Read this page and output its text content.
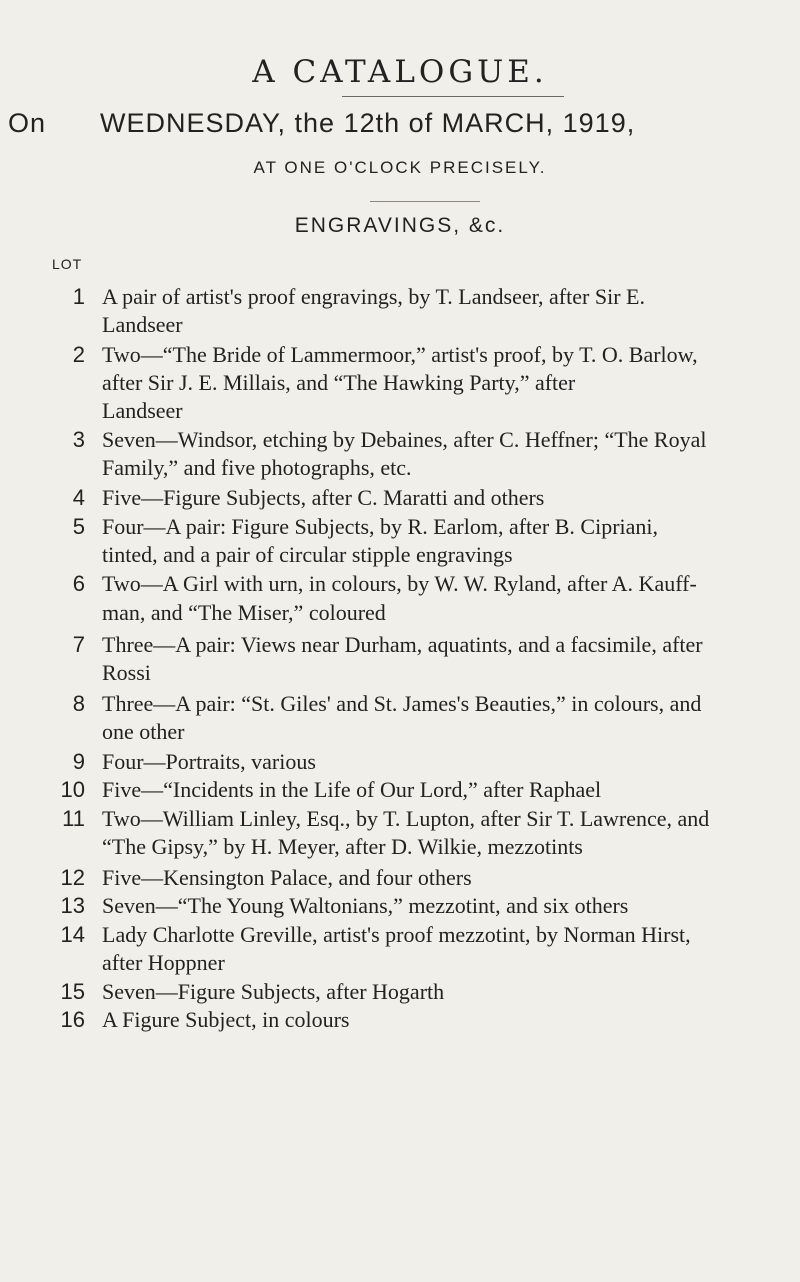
A CATALOGUE.
On WEDNESDAY, the 12th of MARCH, 1919,
AT ONE O'CLOCK PRECISELY.
ENGRAVINGS, &c.
LOT
1 A pair of artist's proof engravings, by T. Landseer, after Sir E.
Landseer
2 Two—“The Bride of Lammermoor,” artist's proof, by T. O. Barlow,
after Sir J. E. Millais, and “The Hawking Party,” after
Landseer
3 Seven—Windsor, etching by Debaines, after C. Heffner; “The Royal
Family,” and five photographs, etc.
4 Five—Figure Subjects, after C. Maratti and others
5 Four—A pair: Figure Subjects, by R. Earlom, after B. Cipriani,
tinted, and a pair of circular stipple engravings
6 Two—A Girl with urn, in colours, by W. W. Ryland, after A. Kauff-
man, and “The Miser,” coloured
7 Three—A pair: Views near Durham, aquatints, and a facsimile, after
Rossi
8 Three—A pair: “St. Giles' and St. James's Beauties,” in colours, and
one other
9 Four—Portraits, various
10 Five—“Incidents in the Life of Our Lord,” after Raphael
11 Two—William Linley, Esq., by T. Lupton, after Sir T. Lawrence, and
“The Gipsy,” by H. Meyer, after D. Wilkie, mezzotints
12 Five—Kensington Palace, and four others
13 Seven—“The Young Waltonians,” mezzotint, and six others
14 Lady Charlotte Greville, artist's proof mezzotint, by Norman Hirst,
after Hoppner
15 Seven—Figure Subjects, after Hogarth
16 A Figure Subject, in colours
